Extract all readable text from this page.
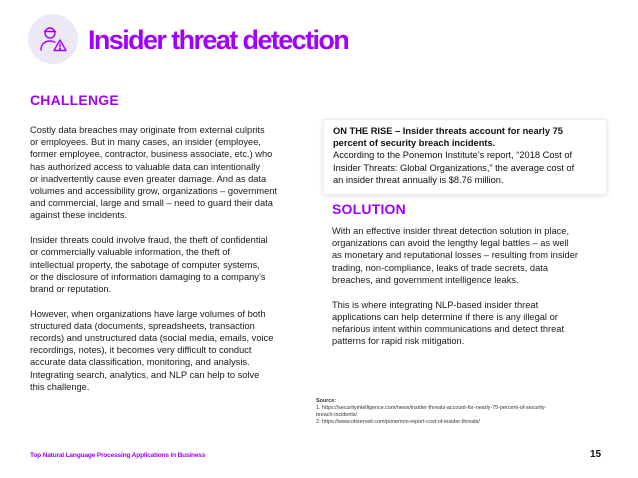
Insider threat detection
CHALLENGE

Costly data breaches may originate from external culprits
or employees. But in many cases, an insider (employee,
former employee, contractor, business associate, etc.) who
has authorized access to valuable data can intentionally
or inadvertently cause even greater damage. And as data
volumes and accessibility grow, organizations – government
and commercial, large and small – need to guard their data
against these incidents.

Insider threats could involve fraud, the theft of confidential
or commercially valuable information, the theft of
intellectual property, the sabotage of computer systems,
or the disclosure of information damaging to a company’s
brand or reputation.

However, when organizations have large volumes of both
structured data (documents, spreadsheets, transaction
records) and unstructured data (social media, emails, voice
recordings, notes), it becomes very difficult to conduct
accurate data classification, monitoring, and analysis.
Integrating search, analytics, and NLP can help to solve
this challenge.

ON THE RISE – Insider threats account for nearly 75
percent of security breach incidents.
According to the Ponemon Institute’s report, “2018 Cost of
Insider Threats: Global Organizations,” the average cost of
an insider threat annually is $8.76 million.
SOLUTION

With an effective insider threat detection solution in place,
organizations can avoid the lengthy legal battles – as well
as monetary and reputational losses – resulting from insider
trading, non-compliance, leaks of trade secrets, data
breaches, and government intelligence leaks.

This is where integrating NLP-based insider threat
applications can help determine if there is any illegal or
nefarious intent within communications and detect threat
patterns for rapid risk mitigation.

Source:
1. https://securityintelligence.com/news/insider-threats-account-for-nearly-75-percent-of-security-
breach-incidents/
2. https://www.observeit.com/ponemon-report-cost-of-insider-threats/
Top Natural Language Processing Applications in Business	15
